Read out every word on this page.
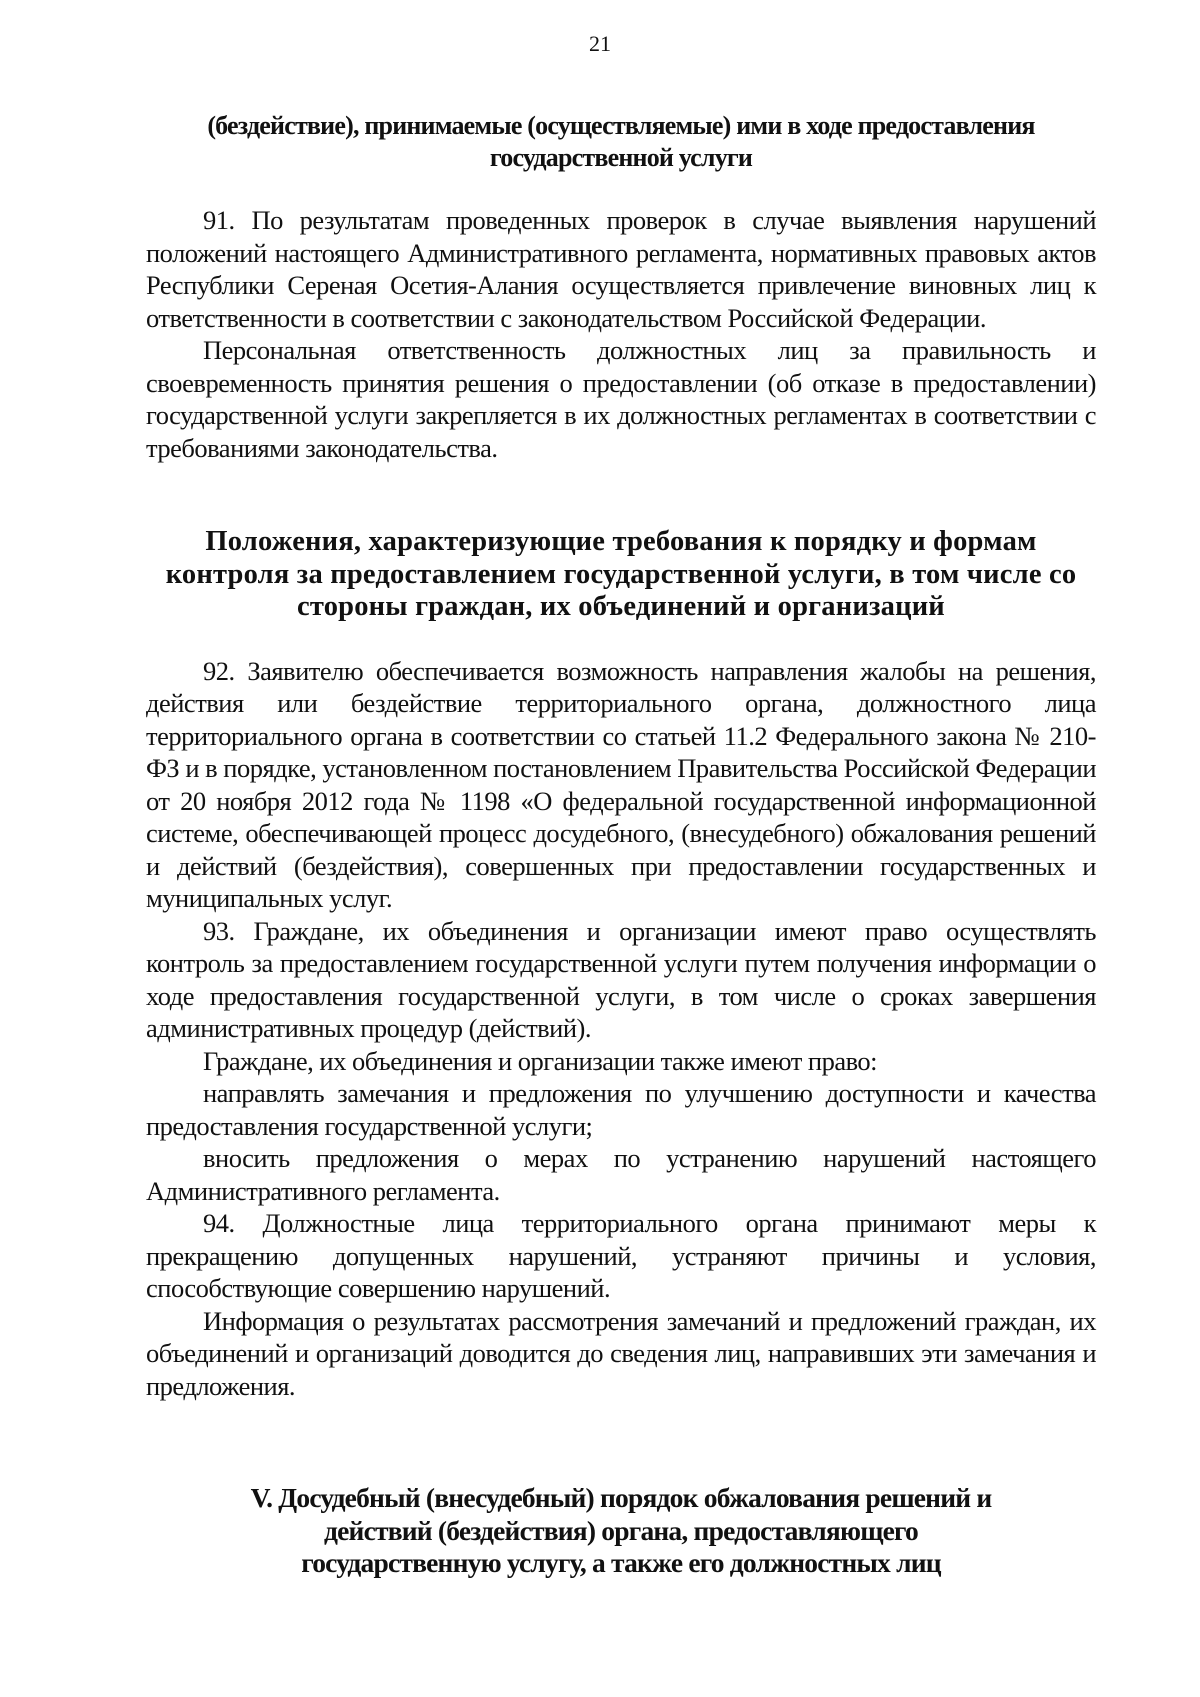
21

(бездействие), принимаемые (осуществляемые) ими в ходе предоставления государственной услуги

91. По результатам проведенных проверок в случае выявления нарушений положений настоящего Административного регламента, нормативных правовых актов Республики Сереная Осетия-Алания осуществляется привлечение виновных лиц к ответственности в соответствии с законодательством Российской Федерации.

Персональная ответственность должностных лиц за правильность и своевременность принятия решения о предоставлении (об отказе в предоставлении) государственной услуги закрепляется в их должностных регламентах в соответствии с требованиями законодательства.

Положения, характеризующие требования к порядку и формам контроля за предоставлением государственной услуги, в том числе со стороны граждан, их объединений и организаций

92. Заявителю обеспечивается возможность направления жалобы на решения, действия или бездействие территориального органа, должностного лица территориального органа в соответствии со статьей 11.2 Федерального закона № 210-ФЗ и в порядке, установленном постановлением Правительства Российской Федерации от 20 ноября 2012 года № 1198 «О федеральной государственной информационной системе, обеспечивающей процесс досудебного, (внесудебного) обжалования решений и действий (бездействия), совершенных при предоставлении государственных и муниципальных услуг.

93. Граждане, их объединения и организации имеют право осуществлять контроль за предоставлением государственной услуги путем получения информации о ходе предоставления государственной услуги, в том числе о сроках завершения административных процедур (действий).

Граждане, их объединения и организации также имеют право:

направлять замечания и предложения по улучшению доступности и качества предоставления государственной услуги;

вносить предложения о мерах по устранению нарушений настоящего Административного регламента.

94. Должностные лица территориального органа принимают меры к прекращению допущенных нарушений, устраняют причины и условия, способствующие совершению нарушений.

Информация о результатах рассмотрения замечаний и предложений граждан, их объединений и организаций доводится до сведения лиц, направивших эти замечания и предложения.

V. Досудебный (внесудебный) порядок обжалования решений и действий (бездействия) органа, предоставляющего государственную услугу, а также его должностных лиц
